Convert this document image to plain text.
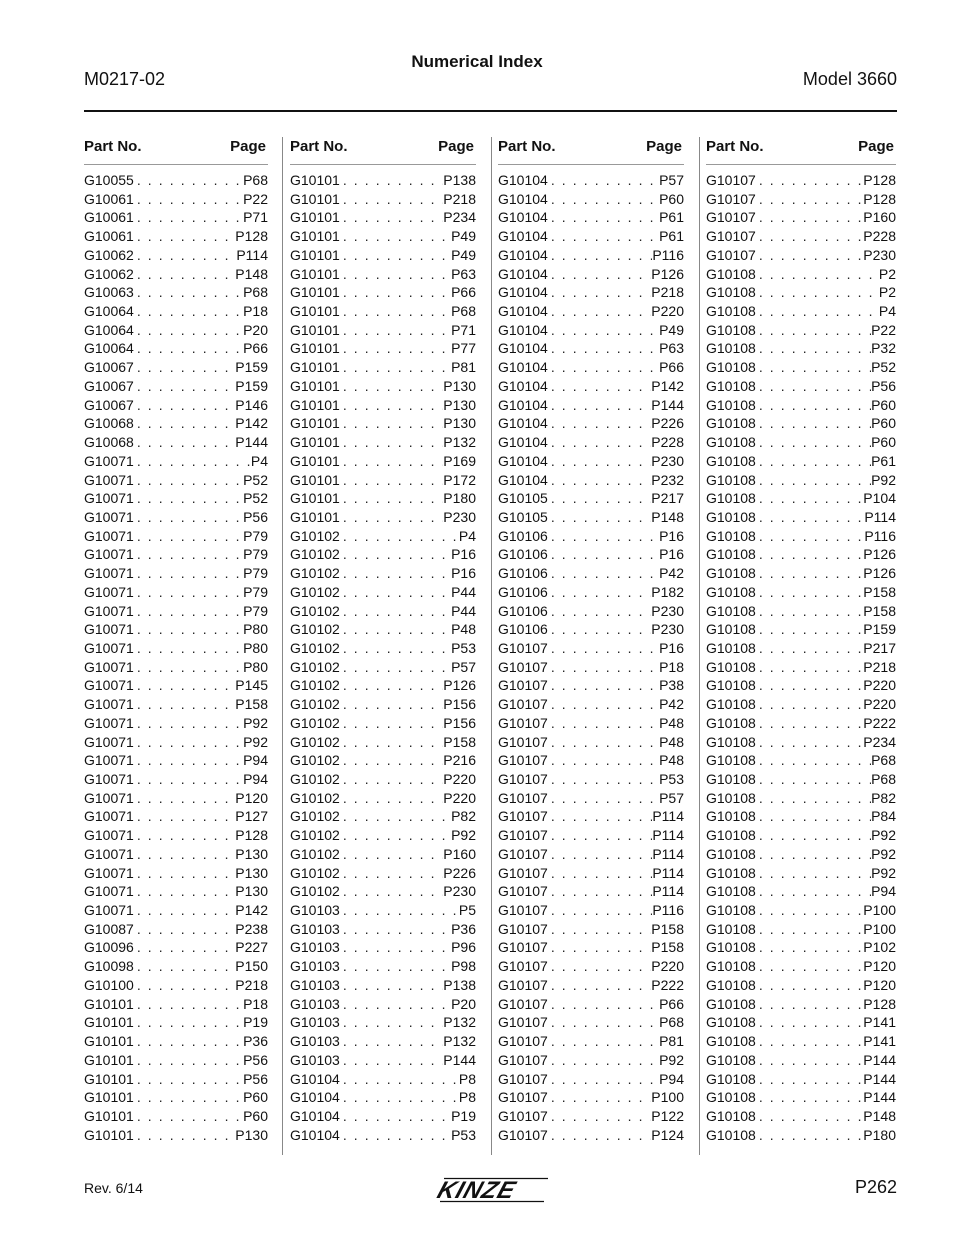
Numerical Index
M0217-02	Model 3660
Part No.	Page
G10055 . . .	P68
G10061 . . .	P22
G10061 . . .	P71
G10061 . . .	P128
G10062 . . .	P114
G10062 . . .	P148
G10063 . . .	P68
G10064 . . .	P18
G10064 . . .	P20
G10064 . . .	P66
G10067 . . .	P159
G10067 . . .	P159
G10067 . . .	P146
G10068 . . .	P142
G10068 . . .	P144
G10071 . . .	P4
G10071 . . .	P52
G10071 . . .	P52
G10071 . . .	P56
G10071 . . .	P79
G10071 . . .	P79
G10071 . . .	P79
G10071 . . .	P79
G10071 . . .	P79
G10071 . . .	P80
G10071 . . .	P80
G10071 . . .	P80
G10071 . . .	P145
G10071 . . .	P158
G10071 . . .	P92
G10071 . . .	P92
G10071 . . .	P94
G10071 . . .	P94
G10071 . . .	P120
G10071 . . .	P127
G10071 . . .	P128
G10071 . . .	P130
G10071 . . .	P130
G10071 . . .	P130
G10071 . . .	P142
G10087 . . .	P238
G10096 . . .	P227
G10098 . . .	P150
G10100 . . .	P218
G10101 . . .	P18
G10101 . . .	P19
G10101 . . .	P36
G10101 . . .	P56
G10101 . . .	P56
G10101 . . .	P60
G10101 . . .	P60
G10101 . . .	P130
Part No.	Page
G10101 . . .	P138
G10101 . . .	P218
G10101 . . .	P234
G10101 . . .	P49
G10101 . . .	P49
G10101 . . .	P63
G10101 . . .	P66
G10101 . . .	P68
G10101 . . .	P71
G10101 . . .	P77
G10101 . . .	P81
G10101 . . .	P130
G10101 . . .	P130
G10101 . . .	P130
G10101 . . .	P132
G10101 . . .	P169
G10101 . . .	P172
G10101 . . .	P180
G10101 . . .	P230
G10102 . . .	P4
G10102 . . .	P16
G10102 . . .	P16
G10102 . . .	P44
G10102 . . .	P44
G10102 . . .	P48
G10102 . . .	P53
G10102 . . .	P57
G10102 . . .	P126
G10102 . . .	P156
G10102 . . .	P156
G10102 . . .	P158
G10102 . . .	P216
G10102 . . .	P220
G10102 . . .	P220
G10102 . . .	P82
G10102 . . .	P92
G10102 . . .	P160
G10102 . . .	P226
G10102 . . .	P230
G10103 . . .	P5
G10103 . . .	P36
G10103 . . .	P96
G10103 . . .	P98
G10103 . . .	P138
G10103 . . .	P20
G10103 . . .	P132
G10103 . . .	P132
G10103 . . .	P144
G10104 . . .	P8
G10104 . . .	P8
G10104 . . .	P19
G10104 . . .	P53
Part No.	Page
G10104 . . .	P57
G10104 . . .	P60
G10104 . . .	P61
G10104 . . .	P61
G10104 . . .	P116
G10104 . . .	P126
G10104 . . .	P218
G10104 . . .	P220
G10104 . . .	P49
G10104 . . .	P63
G10104 . . .	P66
G10104 . . .	P142
G10104 . . .	P144
G10104 . . .	P226
G10104 . . .	P228
G10104 . . .	P230
G10104 . . .	P232
G10105 . . .	P217
G10105 . . .	P148
G10106 . . .	P16
G10106 . . .	P16
G10106 . . .	P42
G10106 . . .	P182
G10106 . . .	P230
G10106 . . .	P230
G10107 . . .	P16
G10107 . . .	P18
G10107 . . .	P38
G10107 . . .	P42
G10107 . . .	P48
G10107 . . .	P48
G10107 . . .	P48
G10107 . . .	P53
G10107 . . .	P57
G10107 . . .	P114
G10107 . . .	P114
G10107 . . .	P114
G10107 . . .	P114
G10107 . . .	P114
G10107 . . .	P116
G10107 . . .	P158
G10107 . . .	P158
G10107 . . .	P220
G10107 . . .	P222
G10107 . . .	P66
G10107 . . .	P68
G10107 . . .	P81
G10107 . . .	P92
G10107 . . .	P94
G10107 . . .	P100
G10107 . . .	P122
G10107 . . .	P124
Part No.	Page
G10107 . . .	P128
G10107 . . .	P128
G10107 . . .	P160
G10107 . . .	P228
G10107 . . .	P230
G10108 . . .	P2
G10108 . . .	P2
G10108 . . .	P4
G10108 . . .	P22
G10108 . . .	P32
G10108 . . .	P52
G10108 . . .	P56
G10108 . . .	P60
G10108 . . .	P60
G10108 . . .	P60
G10108 . . .	P61
G10108 . . .	P92
G10108 . . .	P104
G10108 . . .	P114
G10108 . . .	P116
G10108 . . .	P126
G10108 . . .	P126
G10108 . . .	P158
G10108 . . .	P158
G10108 . . .	P159
G10108 . . .	P217
G10108 . . .	P218
G10108 . . .	P220
G10108 . . .	P220
G10108 . . .	P222
G10108 . . .	P234
G10108 . . .	P68
G10108 . . .	P68
G10108 . . .	P82
G10108 . . .	P84
G10108 . . .	P92
G10108 . . .	P92
G10108 . . .	P92
G10108 . . .	P94
G10108 . . .	P100
G10108 . . .	P100
G10108 . . .	P102
G10108 . . .	P120
G10108 . . .	P120
G10108 . . .	P128
G10108 . . .	P141
G10108 . . .	P141
G10108 . . .	P144
G10108 . . .	P144
G10108 . . .	P144
G10108 . . .	P148
G10108 . . .	P180
Rev. 6/14	KINZE	P262
